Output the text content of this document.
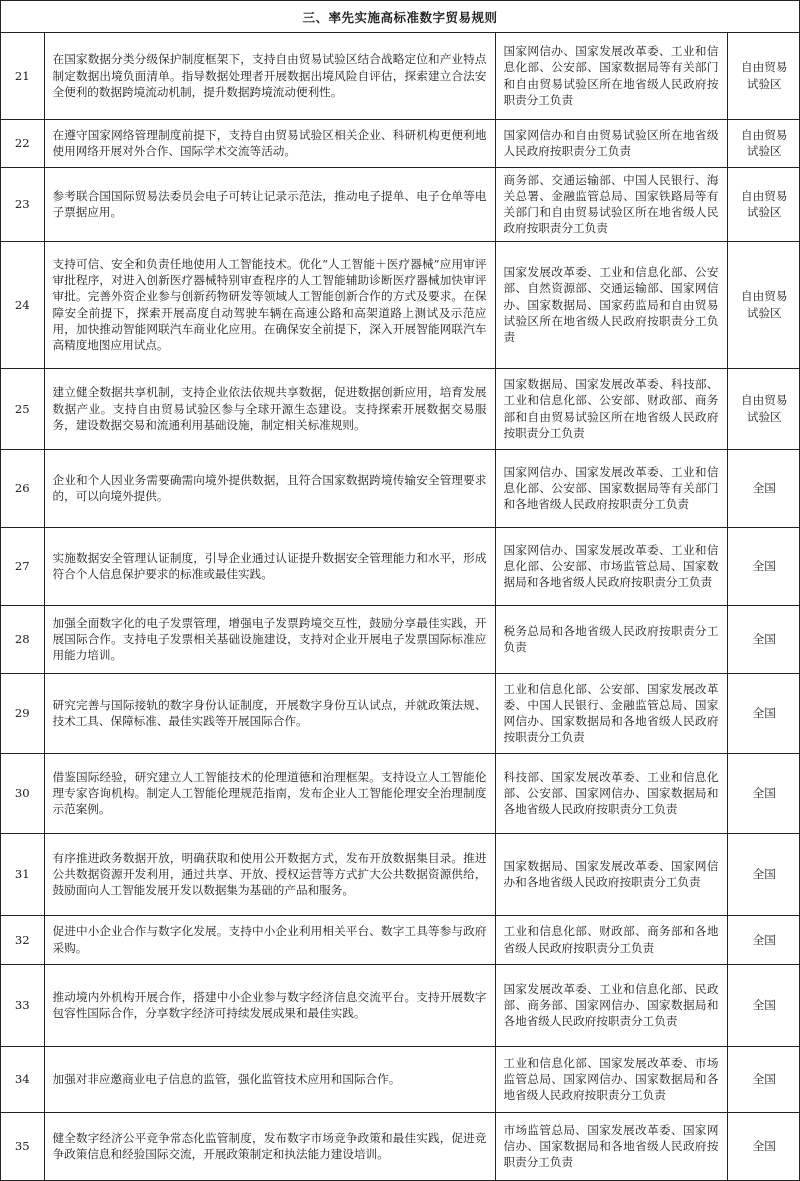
三、率先实施高标准数字贸易规则
21	在国家数据分类分级保护制度框架下，支持自由贸易试验区结合战略定位和产业特点制定数据出境负面清单。指导数据处理者开展数据出境风险自评估，探索建立合法安全便利的数据跨境流动机制，提升数据跨境流动便利性。	国家网信办、国家发展改革委、工业和信息化部、公安部、国家数据局等有关部门和自由贸易试验区所在地省级人民政府按职责分工负责	自由贸易试验区
22	在遵守国家网络管理制度前提下，支持自由贸易试验区相关企业、科研机构更便利地使用网络开展对外合作、国际学术交流等活动。	国家网信办和自由贸易试验区所在地省级人民政府按职责分工负责	自由贸易试验区
23	参考联合国国际贸易法委员会电子可转让记录示范法，推动电子提单、电子仓单等电子票据应用。	商务部、交通运输部、中国人民银行、海关总署、金融监管总局、国家铁路局等有关部门和自由贸易试验区所在地省级人民政府按职责分工负责	自由贸易试验区
24	支持可信、安全和负责任地使用人工智能技术。优化“人工智能＋医疗器械”应用审评审批程序，对进入创新医疗器械特别审查程序的人工智能辅助诊断医疗器械加快审评审批。完善外资企业参与创新药物研发等领域人工智能创新合作的方式及要求。在保障安全前提下，探索开展高度自动驾驶车辆在高速公路和高架道路上测试及示范应用，加快推动智能网联汽车商业化应用。在确保安全前提下，深入开展智能网联汽车高精度地图应用试点。	国家发展改革委、工业和信息化部、公安部、自然资源部、交通运输部、国家网信办、国家数据局、国家药监局和自由贸易试验区所在地省级人民政府按职责分工负责	自由贸易试验区
25	建立健全数据共享机制，支持企业依法依规共享数据，促进数据创新应用，培育发展数据产业。支持自由贸易试验区参与全球开源生态建设。支持探索开展数据交易服务，建设数据交易和流通利用基础设施，制定相关标准规则。	国家数据局、国家发展改革委、科技部、工业和信息化部、公安部、财政部、商务部和自由贸易试验区所在地省级人民政府按职责分工负责	自由贸易试验区
26	企业和个人因业务需要确需向境外提供数据，且符合国家数据跨境传输安全管理要求的，可以向境外提供。	国家网信办、国家发展改革委、工业和信息化部、公安部、国家数据局等有关部门和各地省级人民政府按职责分工负责	全国
27	实施数据安全管理认证制度，引导企业通过认证提升数据安全管理能力和水平，形成符合个人信息保护要求的标准或最佳实践。	国家网信办、国家发展改革委、工业和信息化部、公安部、市场监管总局、国家数据局和各地省级人民政府按职责分工负责	全国
28	加强全面数字化的电子发票管理，增强电子发票跨境交互性，鼓励分享最佳实践，开展国际合作。支持电子发票相关基础设施建设，支持对企业开展电子发票国际标准应用能力培训。	税务总局和各地省级人民政府按职责分工负责	全国
29	研究完善与国际接轨的数字身份认证制度，开展数字身份互认试点，并就政策法规、技术工具、保障标准、最佳实践等开展国际合作。	工业和信息化部、公安部、国家发展改革委、中国人民银行、金融监管总局、国家网信办、国家数据局和各地省级人民政府按职责分工负责	全国
30	借鉴国际经验，研究建立人工智能技术的伦理道德和治理框架。支持设立人工智能伦理专家咨询机构。制定人工智能伦理规范指南，发布企业人工智能伦理安全治理制度示范案例。	科技部、国家发展改革委、工业和信息化部、公安部、国家网信办、国家数据局和各地省级人民政府按职责分工负责	全国
31	有序推进政务数据开放，明确获取和使用公开数据方式，发布开放数据集目录。推进公共数据资源开发利用，通过共享、开放、授权运营等方式扩大公共数据资源供给，鼓励面向人工智能发展开发以数据集为基础的产品和服务。	国家数据局、国家发展改革委、国家网信办和各地省级人民政府按职责分工负责	全国
32	促进中小企业合作与数字化发展。支持中小企业利用相关平台、数字工具等参与政府采购。	工业和信息化部、财政部、商务部和各地省级人民政府按职责分工负责	全国
33	推动境内外机构开展合作，搭建中小企业参与数字经济信息交流平台。支持开展数字包容性国际合作，分享数字经济可持续发展成果和最佳实践。	国家发展改革委、工业和信息化部、民政部、商务部、国家网信办、国家数据局和各地省级人民政府按职责分工负责	全国
34	加强对非应邀商业电子信息的监管，强化监管技术应用和国际合作。	工业和信息化部、国家发展改革委、市场监管总局、国家网信办、国家数据局和各地省级人民政府按职责分工负责	全国
35	健全数字经济公平竞争常态化监管制度，发布数字市场竞争政策和最佳实践，促进竞争政策信息和经验国际交流，开展政策制定和执法能力建设培训。	市场监管总局、国家发展改革委、国家网信办、国家数据局和各地省级人民政府按职责分工负责	全国
